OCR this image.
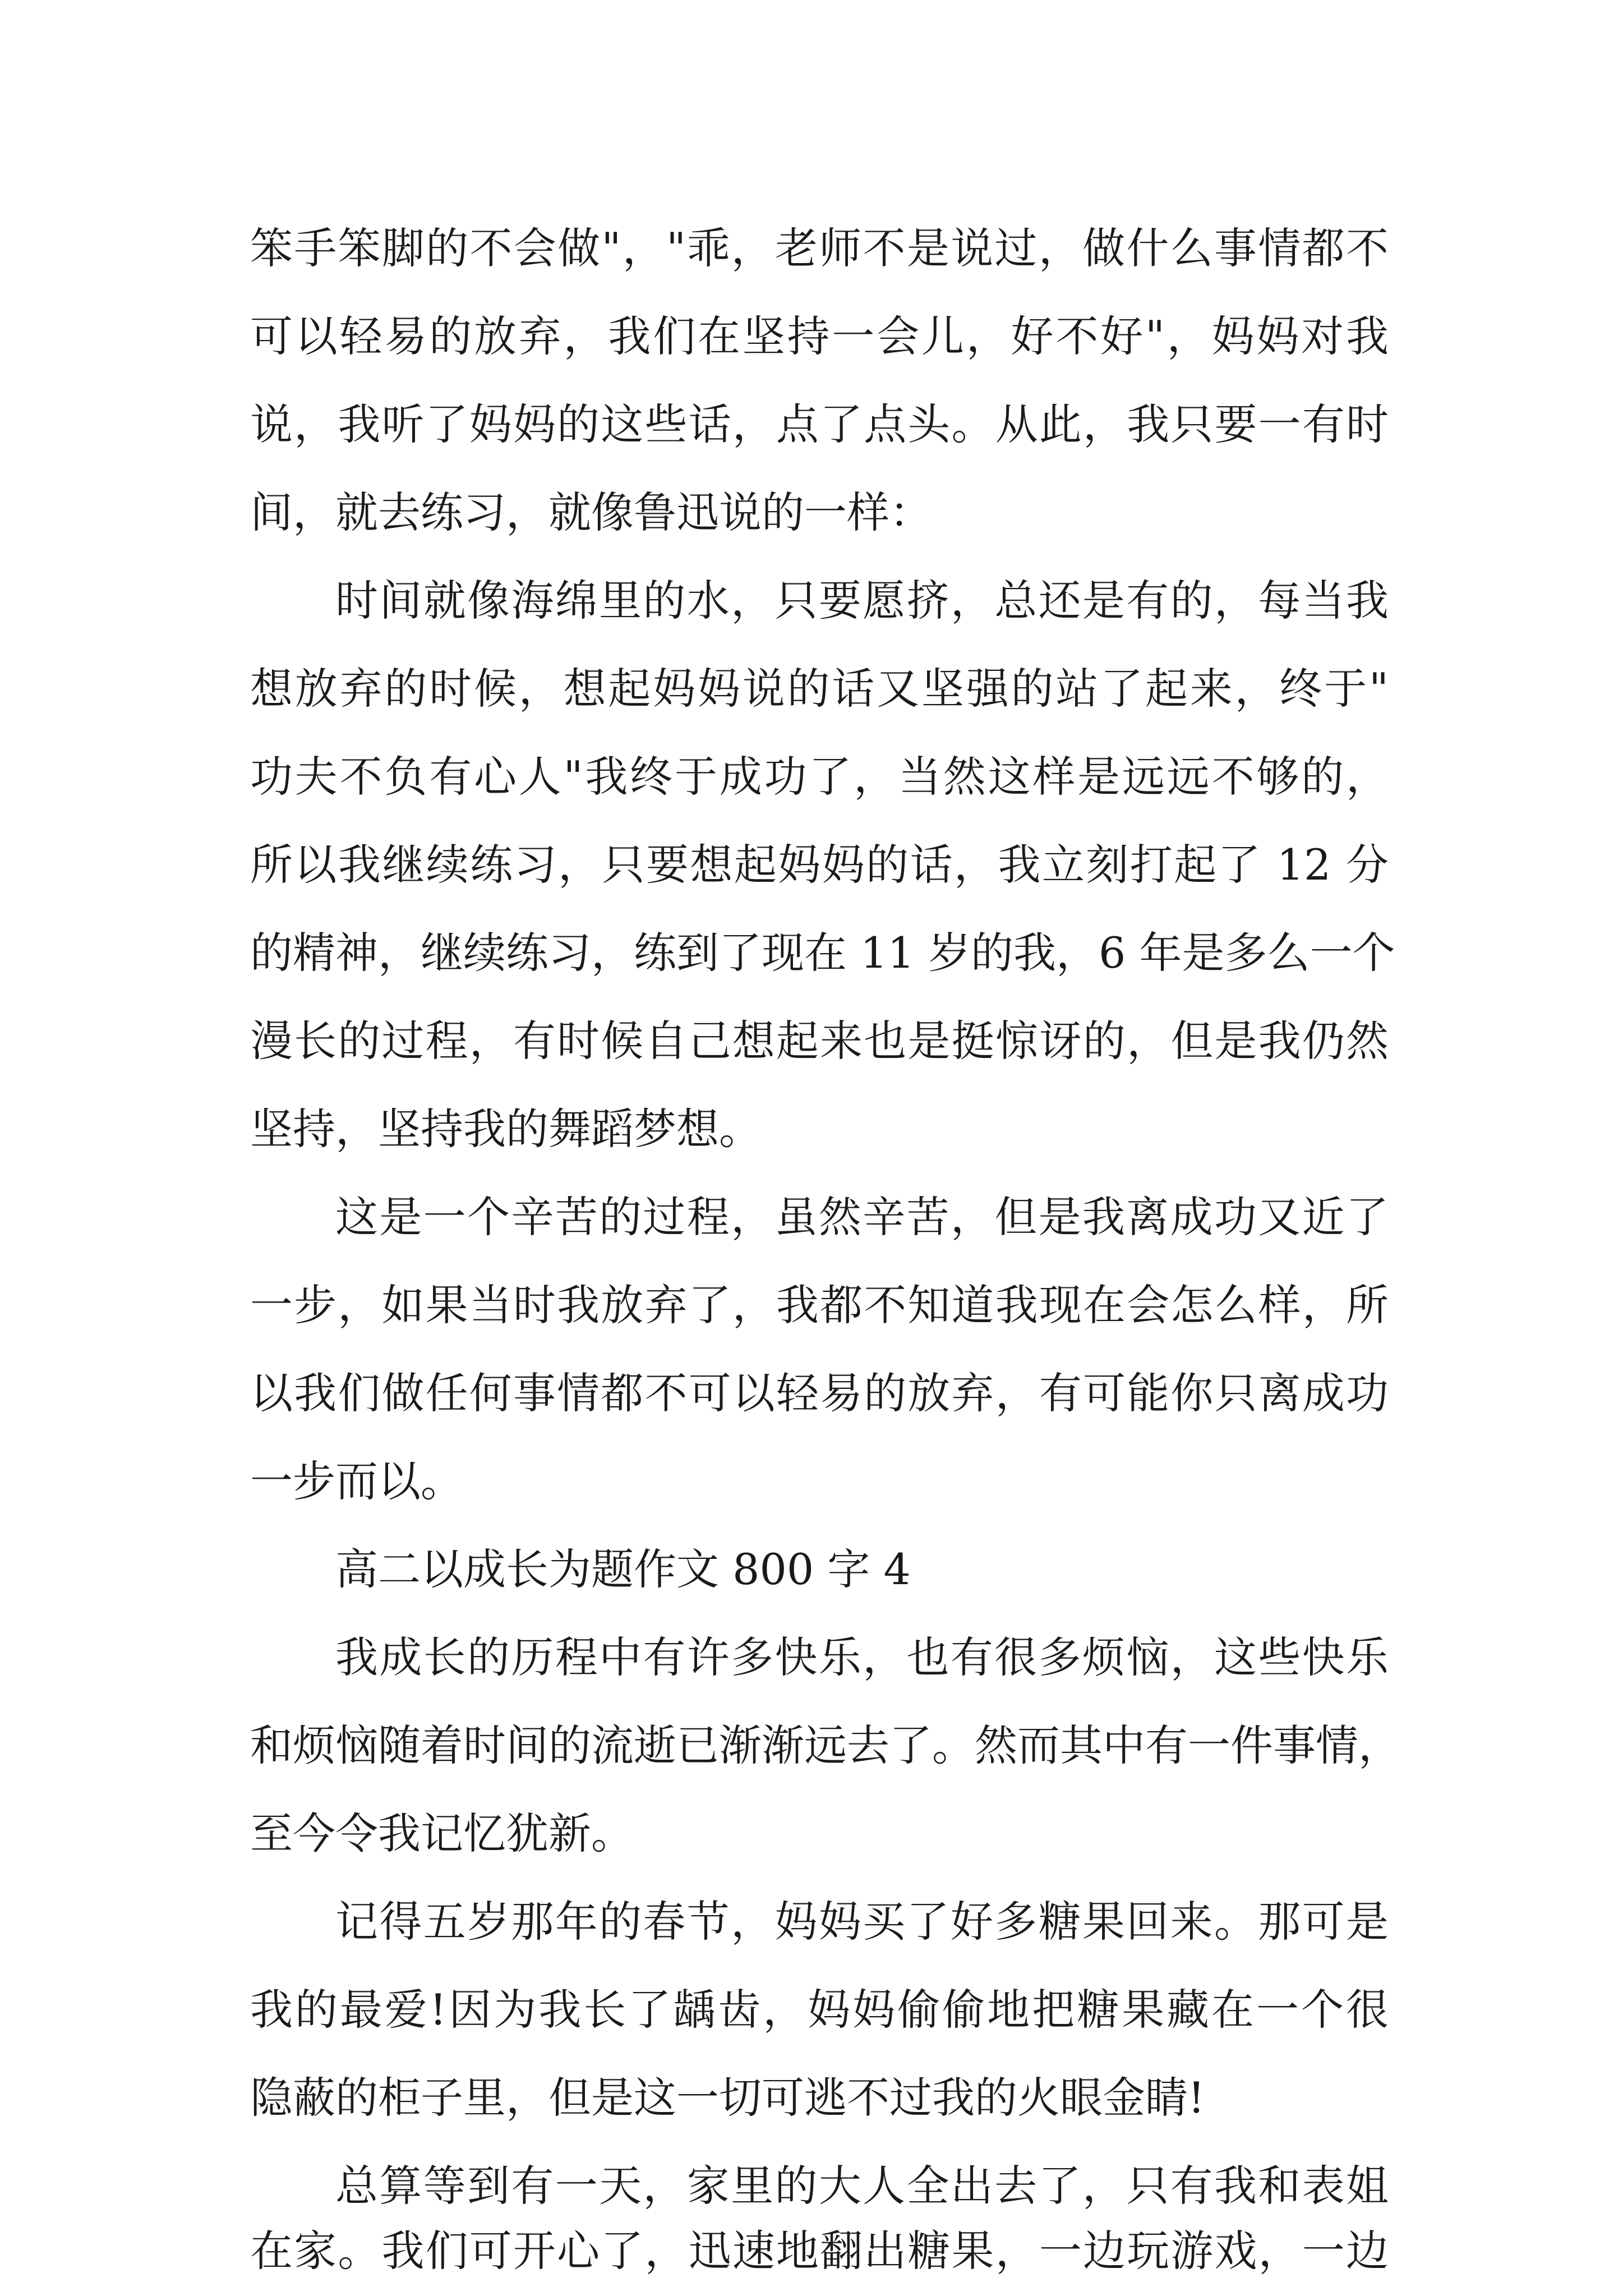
笨手笨脚的不会做"，"乖，老师不是说过，做什么事情都不

可以轻易的放弃，我们在坚持一会儿，好不好"，妈妈对我

说，我听了妈妈的这些话，点了点头。从此，我只要一有时

间，就去练习，就像鲁迅说的一样：

时间就像海绵里的水，只要愿挤，总还是有的，每当我

想放弃的时候，想起妈妈说的话又坚强的站了起来，终于"

功夫不负有心人"我终于成功了，当然这样是远远不够的，

所以我继续练习，只要想起妈妈的话，我立刻打起了 12 分

的精神，继续练习，练到了现在 11 岁的我，6 年是多么一个

漫长的过程，有时候自己想起来也是挺惊讶的，但是我仍然

坚持，坚持我的舞蹈梦想。

这是一个辛苦的过程，虽然辛苦，但是我离成功又近了

一步，如果当时我放弃了，我都不知道我现在会怎么样，所

以我们做任何事情都不可以轻易的放弃，有可能你只离成功

一步而以。

高二以成长为题作文 800 字 4

我成长的历程中有许多快乐，也有很多烦恼，这些快乐

和烦恼随着时间的流逝已渐渐远去了。然而其中有一件事情，

至今令我记忆犹新。

记得五岁那年的春节，妈妈买了好多糖果回来。那可是

我的最爱!因为我长了龋齿，妈妈偷偷地把糖果藏在一个很

隐蔽的柜子里，但是这一切可逃不过我的火眼金睛!

总算等到有一天，家里的大人全出去了，只有我和表姐

在家。我们可开心了，迅速地翻出糖果，一边玩游戏，一边
